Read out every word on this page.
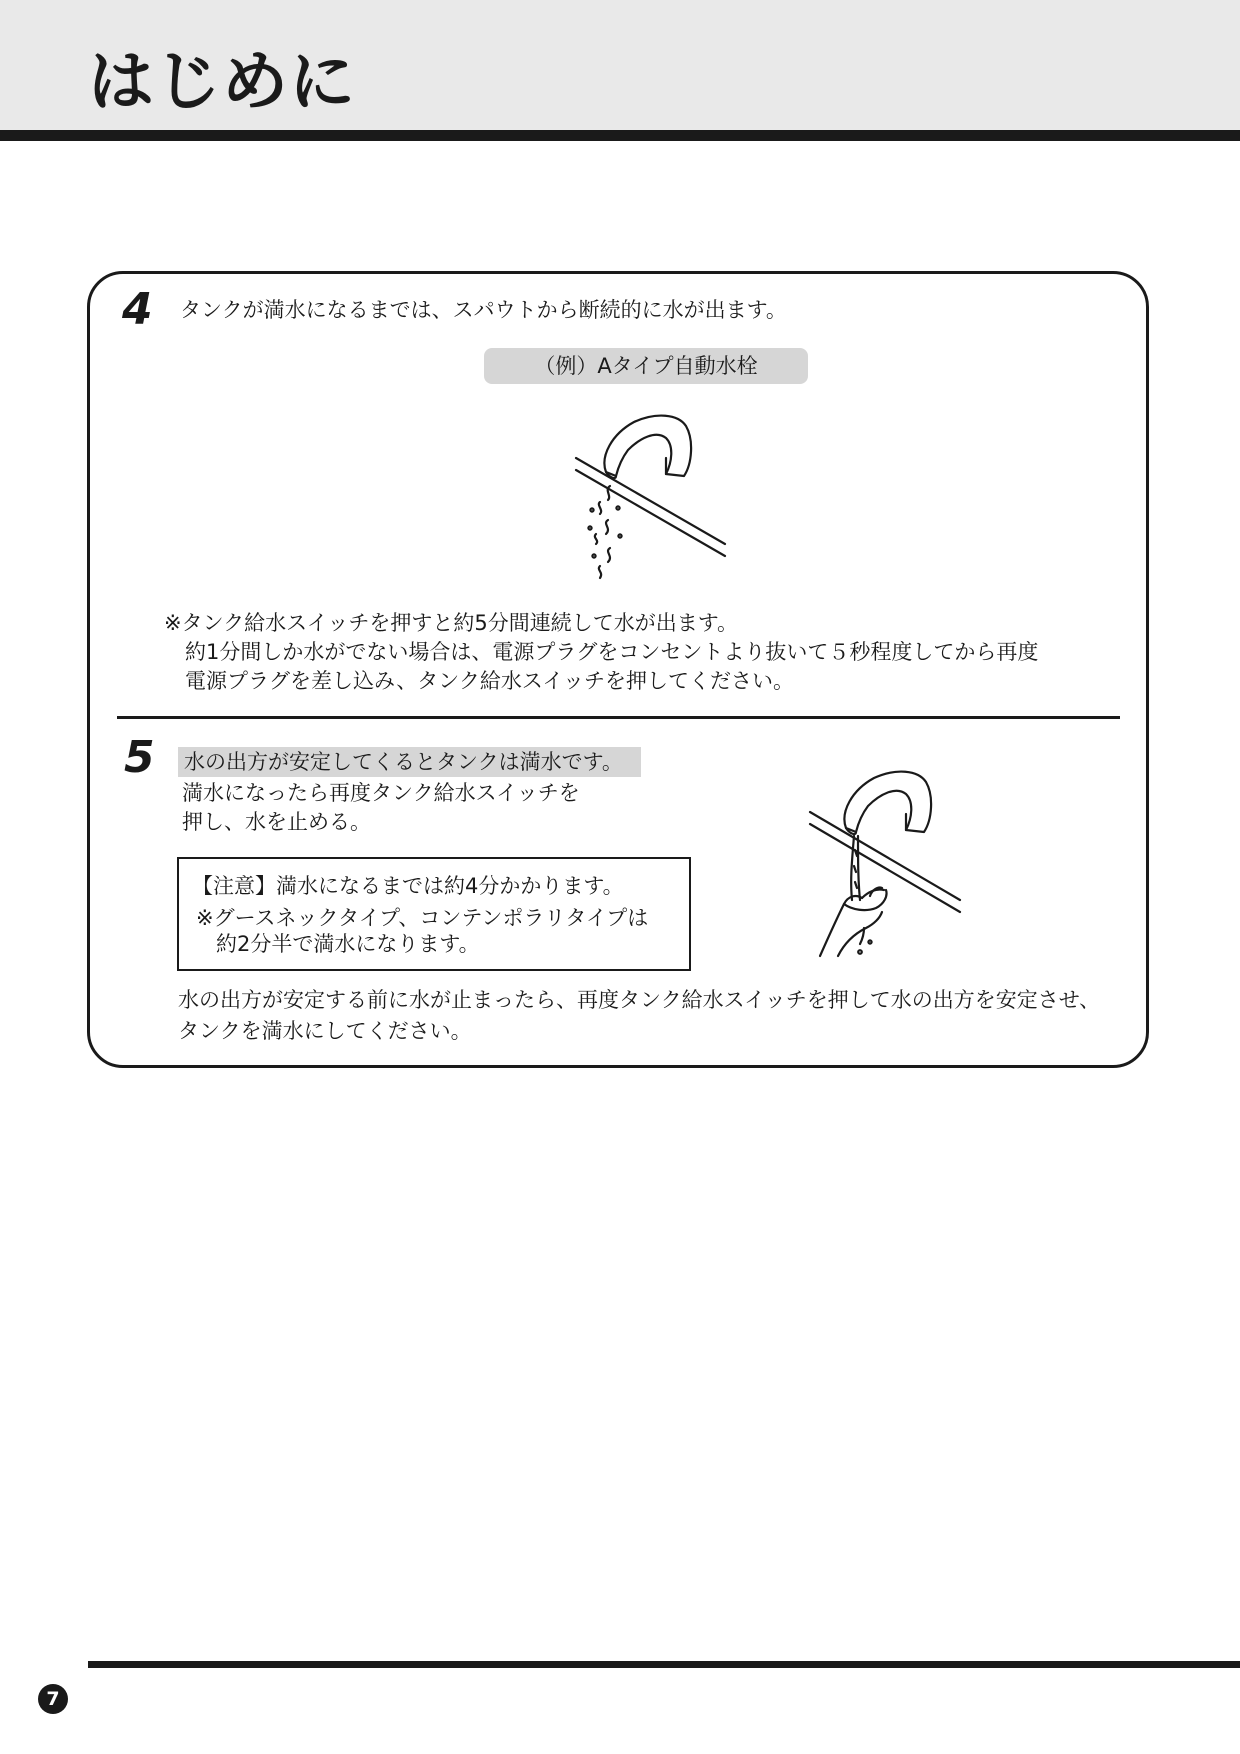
はじめに
4 タンクが満水になるまでは、スパウトから断続的に水が出ます。
（例）Aタイプ自動水栓
※タンク給水スイッチを押すと約5分間連続して水が出ます。
約1分間しか水がでない場合は、電源プラグをコンセントより抜いて５秒程度してから再度
電源プラグを差し込み、タンク給水スイッチを押してください。
5 水の出方が安定してくるとタンクは満水です。
満水になったら再度タンク給水スイッチを
押し、水を止める。
【注意】満水になるまでは約4分かかります。
※グースネックタイプ、コンテンポラリタイプは
約2分半で満水になります。
水の出方が安定する前に水が止まったら、再度タンク給水スイッチを押して水の出方を安定させ、
タンクを満水にしてください。
7
